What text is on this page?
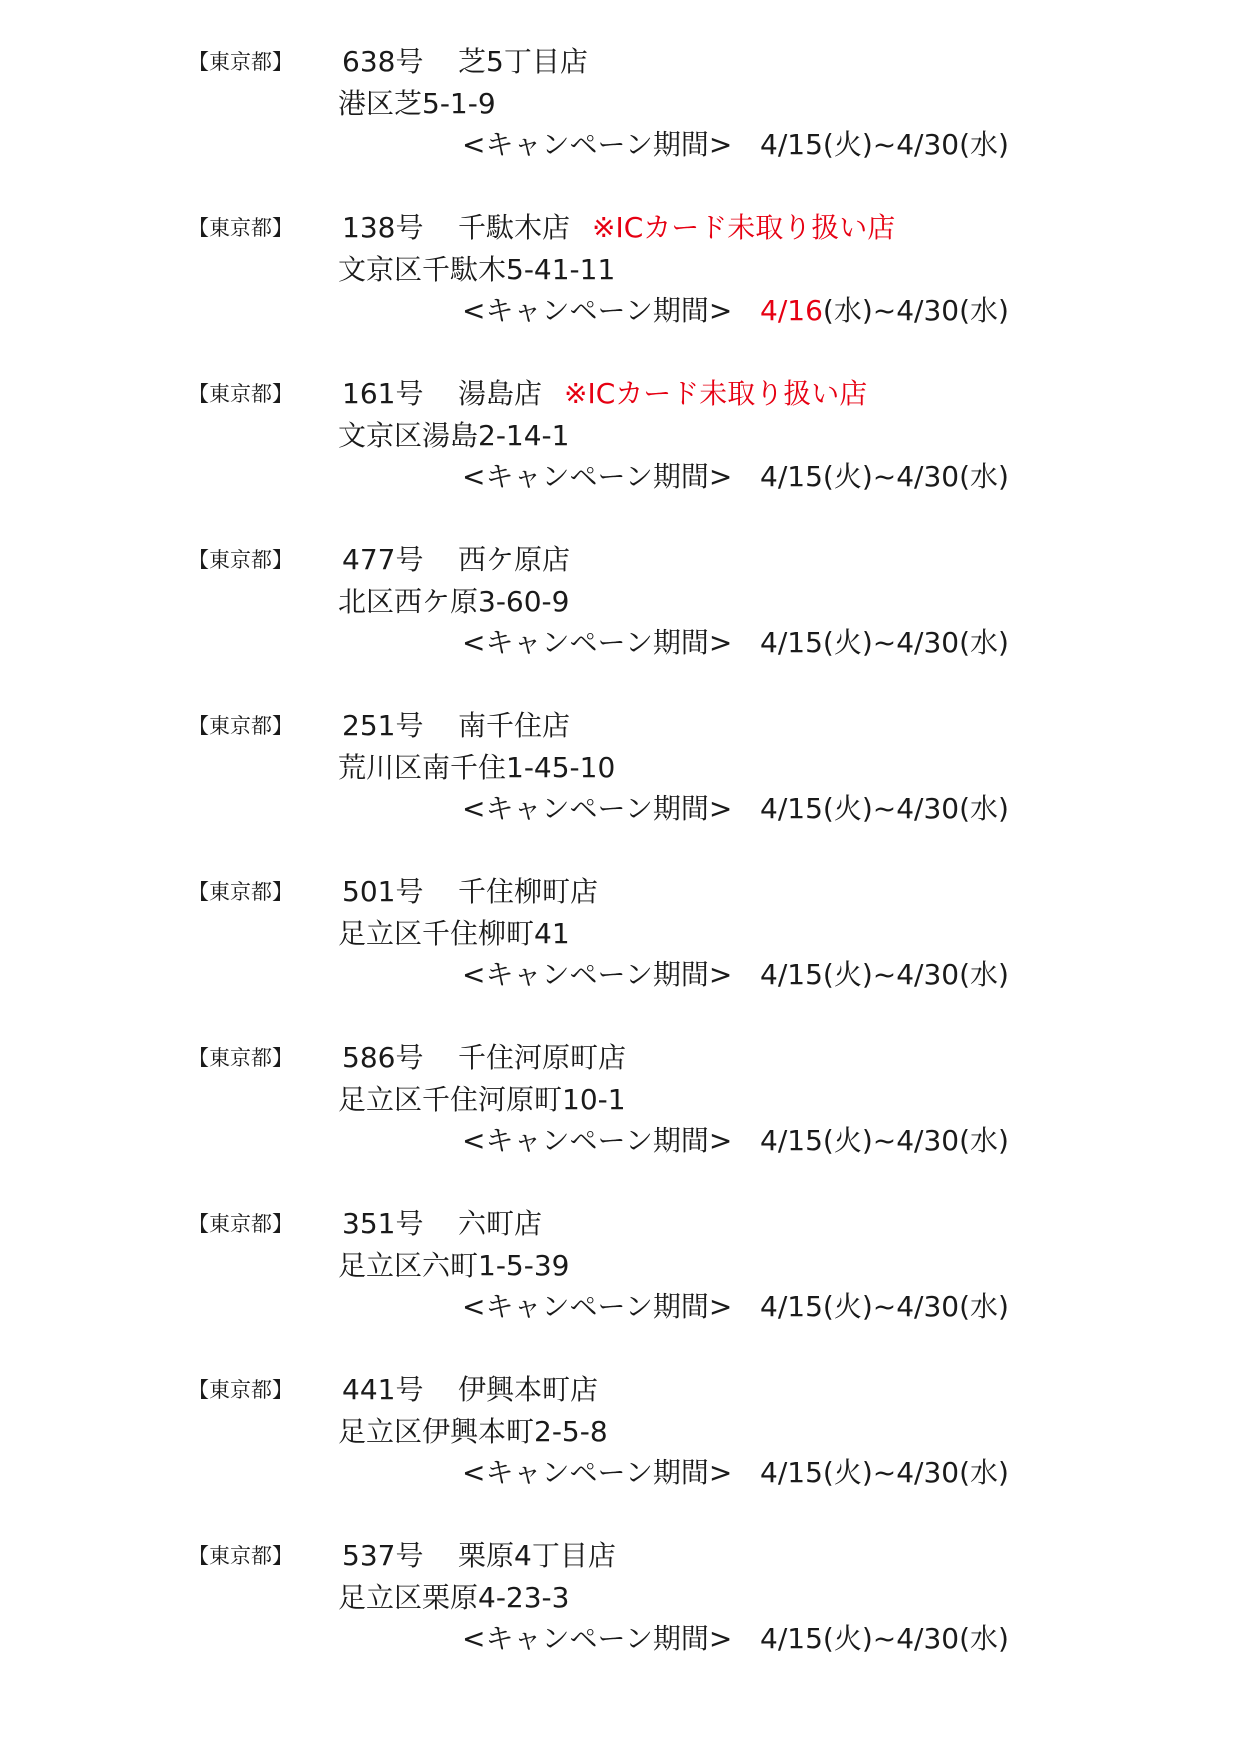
【東京都】 638号 芝5丁目店
港区芝5-1-9
<キャンペーン期間> 4/15(火)~4/30(水)
【東京都】 138号 千駄木店 ※ICカード未取り扱い店
文京区千駄木5-41-11
<キャンペーン期間> 4/16(水)~4/30(水)
【東京都】 161号 湯島店 ※ICカード未取り扱い店
文京区湯島2-14-1
<キャンペーン期間> 4/15(火)~4/30(水)
【東京都】 477号 西ケ原店
北区西ケ原3-60-9
<キャンペーン期間> 4/15(火)~4/30(水)
【東京都】 251号 南千住店
荒川区南千住1-45-10
<キャンペーン期間> 4/15(火)~4/30(水)
【東京都】 501号 千住柳町店
足立区千住柳町41
<キャンペーン期間> 4/15(火)~4/30(水)
【東京都】 586号 千住河原町店
足立区千住河原町10-1
<キャンペーン期間> 4/15(火)~4/30(水)
【東京都】 351号 六町店
足立区六町1-5-39
<キャンペーン期間> 4/15(火)~4/30(水)
【東京都】 441号 伊興本町店
足立区伊興本町2-5-8
<キャンペーン期間> 4/15(火)~4/30(水)
【東京都】 537号 栗原4丁目店
足立区栗原4-23-3
<キャンペーン期間> 4/15(火)~4/30(水)
